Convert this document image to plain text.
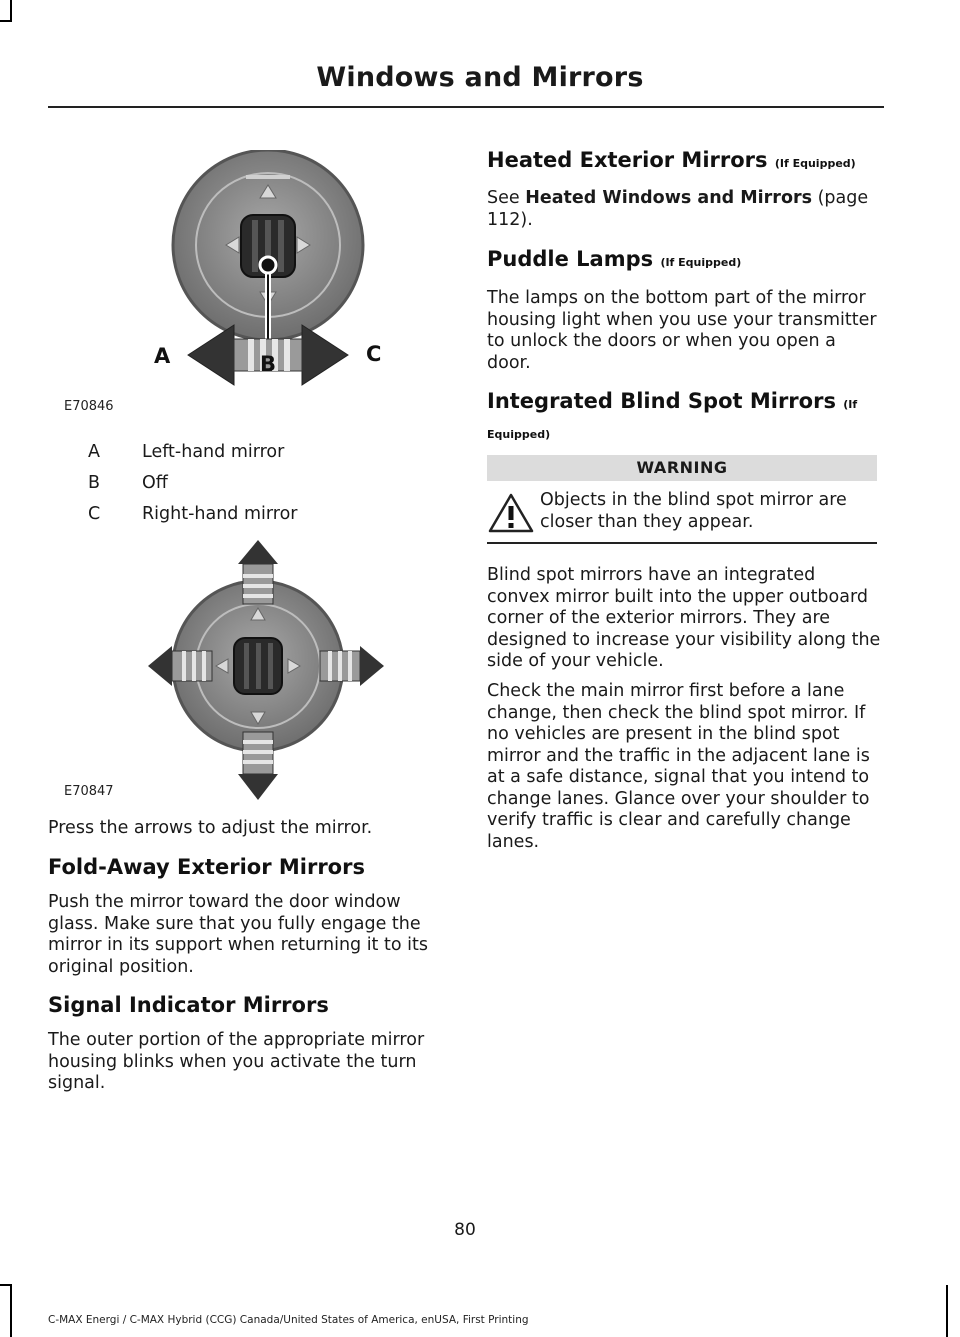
Windows and Mirrors
A	B	C
E70846
A Left-hand mirror
B Off
C Right-hand mirror
E70847
Press the arrows to adjust the mirror.
Fold-Away Exterior Mirrors
Push the mirror toward the door window glass. Make sure that you fully engage the mirror in its support when returning it to its original position.
Signal Indicator Mirrors
The outer portion of the appropriate mirror housing blinks when you activate the turn signal.
Heated Exterior Mirrors (If Equipped)
See Heated Windows and Mirrors (page 112).
Puddle Lamps (If Equipped)
The lamps on the bottom part of the mirror housing light when you use your transmitter to unlock the doors or when you open a door.
Integrated Blind Spot Mirrors (If Equipped)
WARNING
Objects in the blind spot mirror are closer than they appear.
Blind spot mirrors have an integrated convex mirror built into the upper outboard corner of the exterior mirrors. They are designed to increase your visibility along the side of your vehicle.
Check the main mirror first before a lane change, then check the blind spot mirror. If no vehicles are present in the blind spot mirror and the traffic in the adjacent lane is at a safe distance, signal that you intend to change lanes. Glance over your shoulder to verify traffic is clear and carefully change lanes.
80
C-MAX Energi / C-MAX Hybrid (CCG) Canada/United States of America, enUSA, First Printing
